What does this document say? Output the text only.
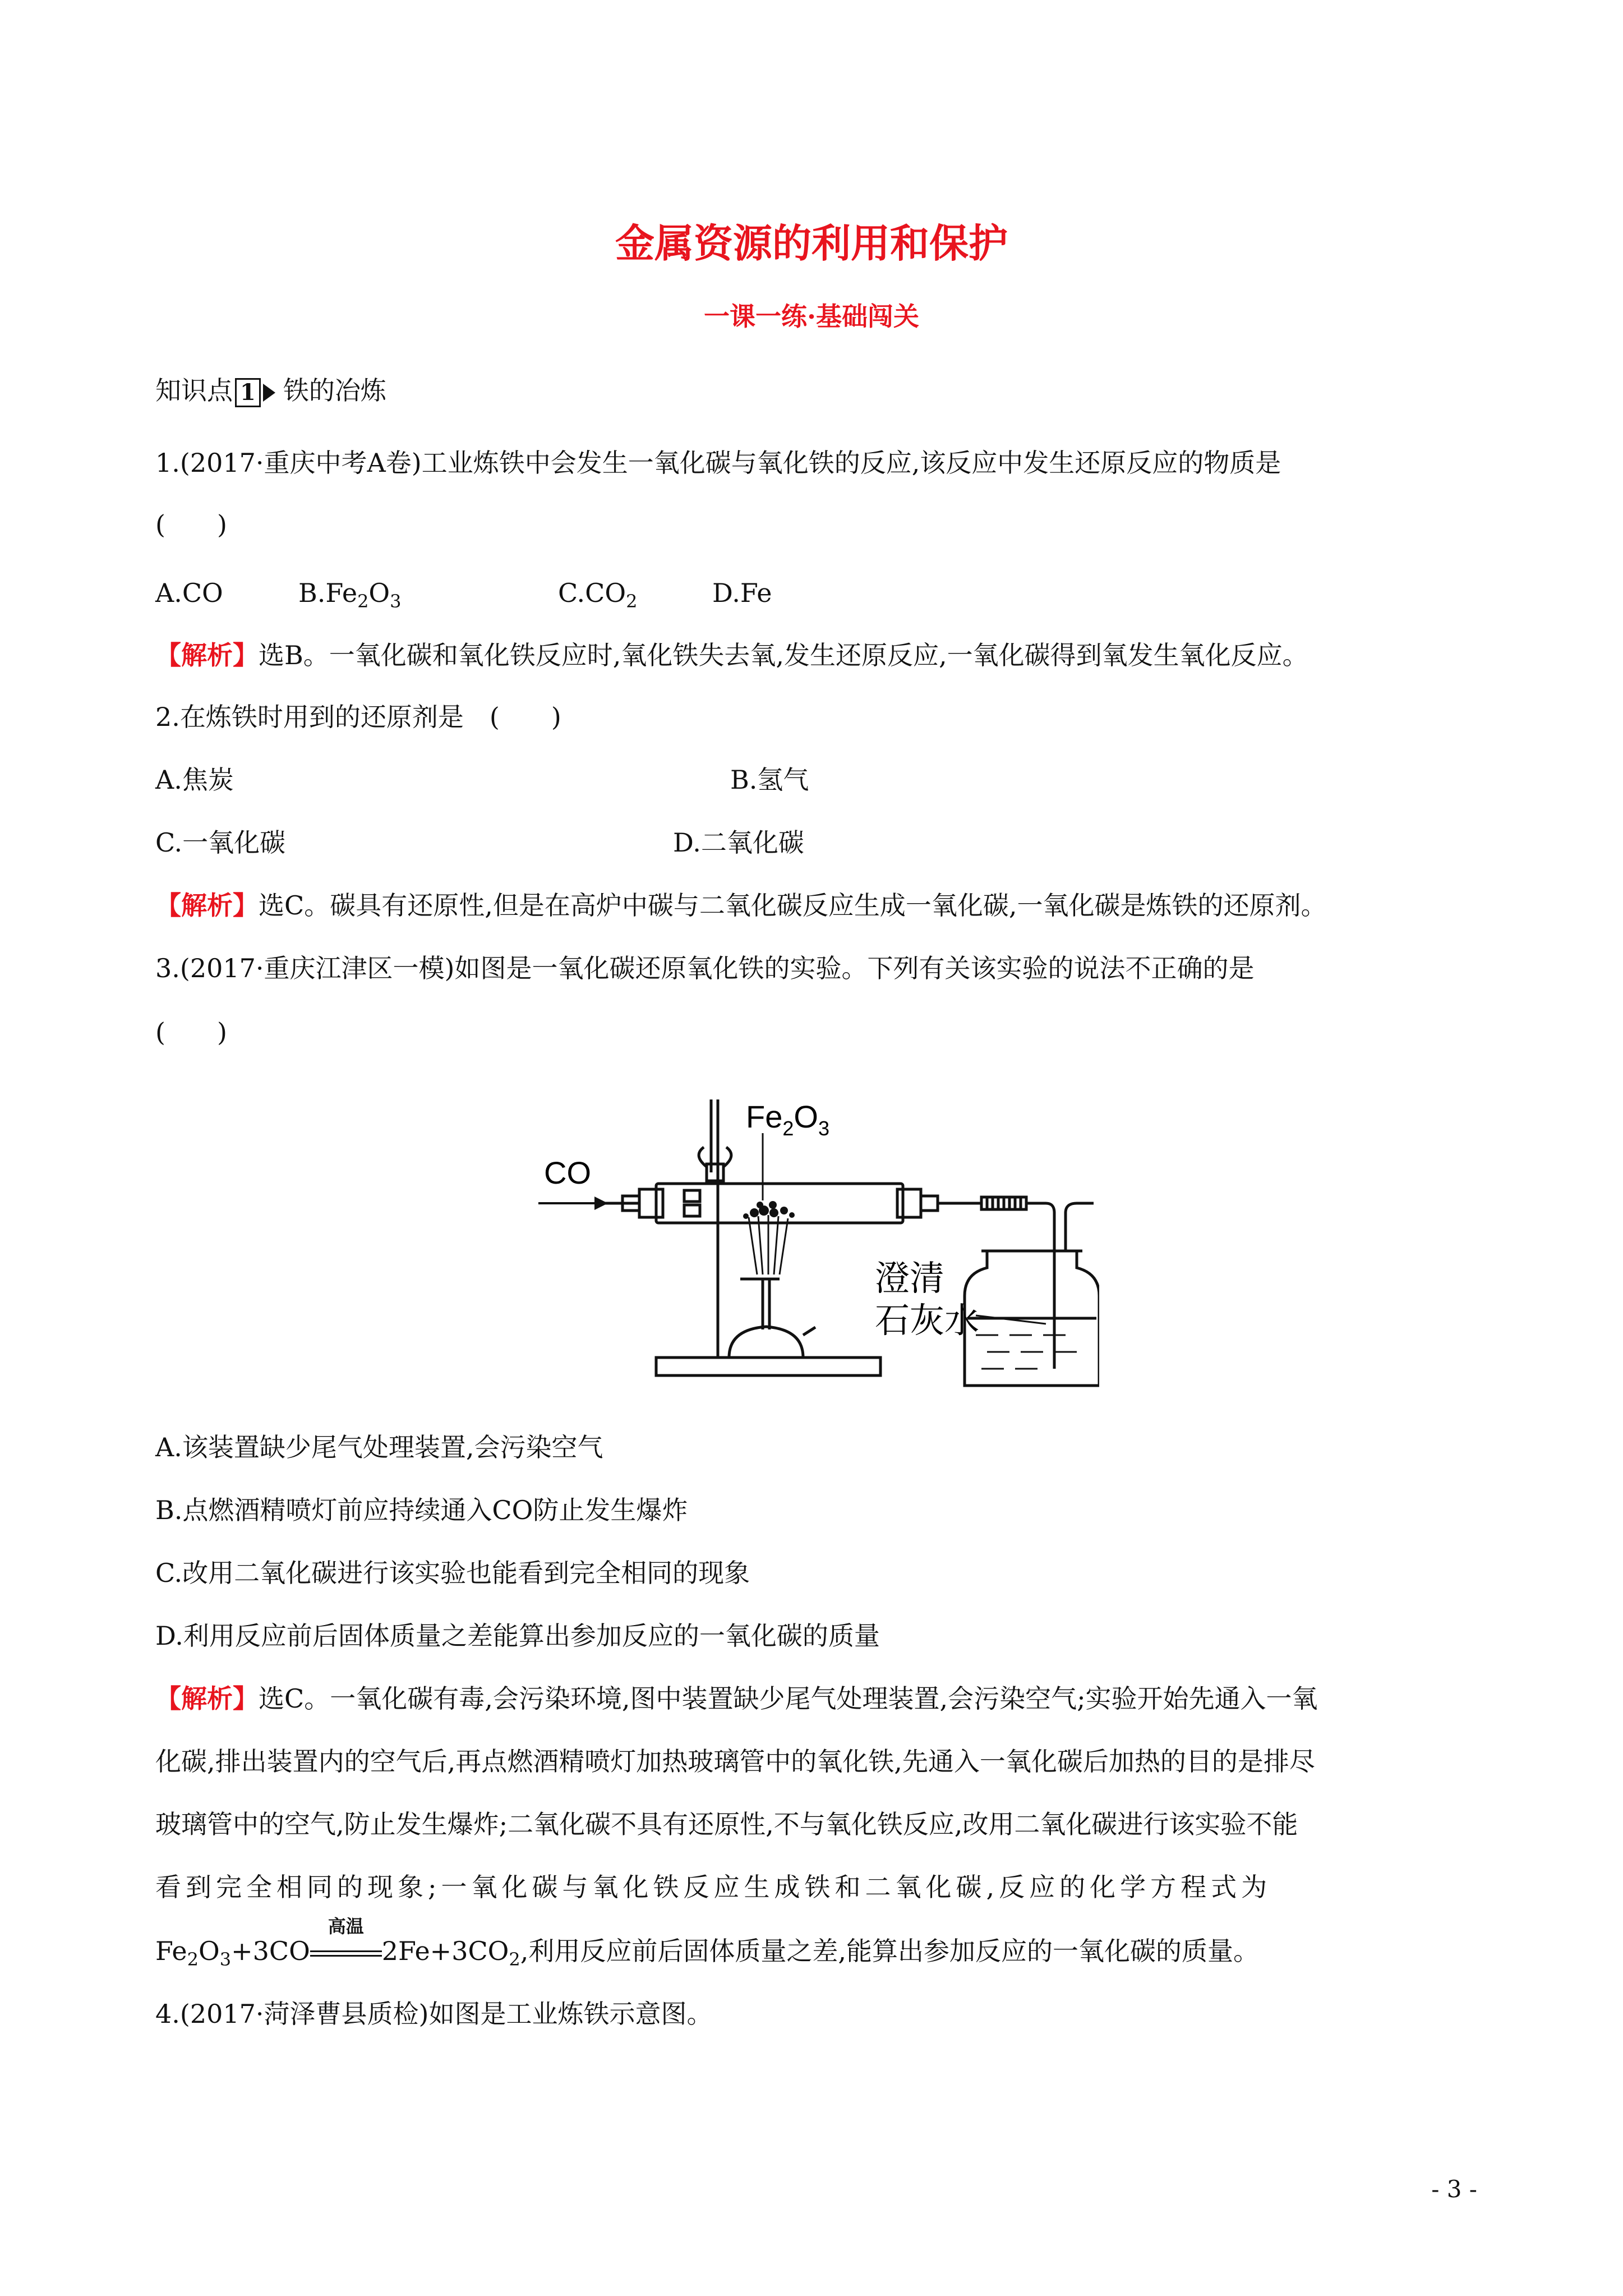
金属资源的利用和保护
一课一练·基础闯关
知识点 1 铁的冶炼
1.(2017·重庆中考A卷)工业炼铁中会发生一氧化碳与氧化铁的反应,该反应中发生还原反应的物质是
(　　)
A.CO	$B.Fe_2O_3$	$C.CO_2$	D.Fe
【解析】选B。一氧化碳和氧化铁反应时,氧化铁失去氧,发生还原反应,一氧化碳得到氧发生氧化反应。
2.在炼铁时用到的还原剂是　(　　)
A.焦炭	B.氢气
C.一氧化碳	D.二氧化碳
【解析】选C。碳具有还原性,但是在高炉中碳与二氧化碳反应生成一氧化碳,一氧化碳是炼铁的还原剂。
3.(2017·重庆江津区一模)如图是一氧化碳还原氧化铁的实验。下列有关该实验的说法不正确的是
(　　)
CO
$Fe_2O_3$
澄清
石灰水
A.该装置缺少尾气处理装置,会污染空气
B.点燃酒精喷灯前应持续通入CO防止发生爆炸
C.改用二氧化碳进行该实验也能看到完全相同的现象
D.利用反应前后固体质量之差能算出参加反应的一氧化碳的质量
【解析】选C。一氧化碳有毒,会污染环境,图中装置缺少尾气处理装置,会污染空气;实验开始先通入一氧
化碳,排出装置内的空气后,再点燃酒精喷灯加热玻璃管中的氧化铁,先通入一氧化碳后加热的目的是排尽
玻璃管中的空气,防止发生爆炸;二氧化碳不具有还原性,不与氧化铁反应,改用二氧化碳进行该实验不能
看到完全相同的现象;一氧化碳与氧化铁反应生成铁和二氧化碳,反应的化学方程式为
$Fe_2O_3+3CO$
高温
$2Fe+3CO_2$,利用反应前后固体质量之差,能算出参加反应的一氧化碳的质量。
4.(2017·菏泽曹县质检)如图是工业炼铁示意图。
- 3 -
